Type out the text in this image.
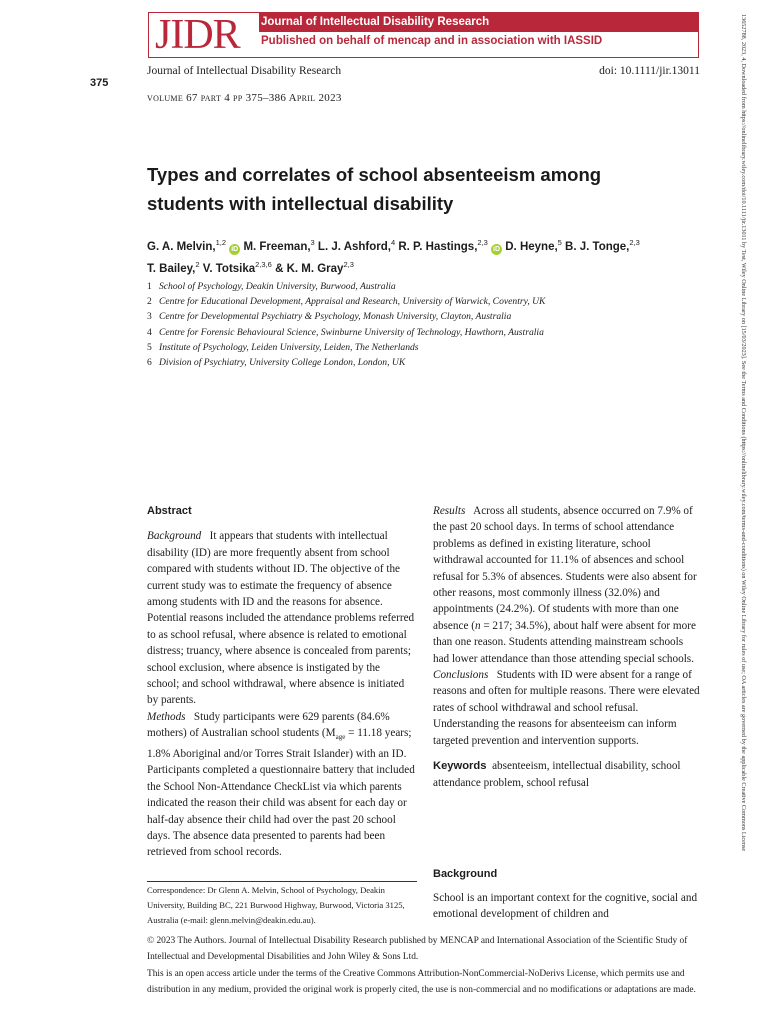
JIDR Journal of Intellectual Disability Research
Published on behalf of mencap and in association with IASSID
375
Journal of Intellectual Disability Research	doi: 10.1111/jir.13011
volume 67 part 4 pp 375–386 April 2023
Types and correlates of school absenteeism among students with intellectual disability
G. A. Melvin,$^{1,2}$ iD M. Freeman,$^3$ L. J. Ashford,$^4$ R. P. Hastings,$^{2,3}$ iD D. Heyne,$^5$ B. J. Tonge,$^{2,3}$
T. Bailey,$^2$ V. Totsika$^{2,3,6}$ & K. M. Gray$^{2,3}$
1 School of Psychology, Deakin University, Burwood, Australia
2 Centre for Educational Development, Appraisal and Research, University of Warwick, Coventry, UK
3 Centre for Developmental Psychiatry & Psychology, Monash University, Clayton, Australia
4 Centre for Forensic Behavioural Science, Swinburne University of Technology, Hawthorn, Australia
5 Institute of Psychology, Leiden University, Leiden, The Netherlands
6 Division of Psychiatry, University College London, London, UK
Abstract
Background It appears that students with intellectual disability (ID) are more frequently absent from school compared with students without ID. The objective of the current study was to estimate the frequency of absence among students with ID and the reasons for absence. Potential reasons included the attendance problems referred to as school refusal, where absence is related to emotional distress; truancy, where absence is concealed from parents; school exclusion, where absence is instigated by the school; and school withdrawal, where absence is initiated by parents.
Methods Study participants were 629 parents (84.6% mothers) of Australian school students ($M_{age} = 11.18$ years; 1.8% Aboriginal and/or Torres Strait Islander) with an ID. Participants completed a questionnaire battery that included the School Non-Attendance CheckList via which parents indicated the reason their child was absent for each day or half-day absence their child had over the past 20 school days. The absence data presented to parents had been retrieved from school records.
Results Across all students, absence occurred on 7.9% of the past 20 school days. In terms of school attendance problems as defined in existing literature, school withdrawal accounted for 11.1% of absences and school refusal for 5.3% of absences. Students were also absent for other reasons, most commonly illness (32.0%) and appointments (24.2%). Of students with more than one absence (n = 217; 34.5%), about half were absent for more than one reason. Students attending mainstream schools had lower attendance than those attending special schools.
Conclusions Students with ID were absent for a range of reasons and often for multiple reasons. There were elevated rates of school withdrawal and school refusal. Understanding the reasons for absenteeism can inform targeted prevention and intervention supports.
Keywords absenteeism, intellectual disability, school attendance problem, school refusal
Correspondence: Dr Glenn A. Melvin, School of Psychology, Deakin University, Building BC, 221 Burwood Highway, Burwood, Victoria 3125, Australia (e-mail: glenn.melvin@deakin.edu.au).
Background
School is an important context for the cognitive, social and emotional development of children and
© 2023 The Authors. Journal of Intellectual Disability Research published by MENCAP and International Association of the Scientific Study of Intellectual and Developmental Disabilities and John Wiley & Sons Ltd.
This is an open access article under the terms of the Creative Commons Attribution-NonCommercial-NoDerivs License, which permits use and distribution in any medium, provided the original work is properly cited, the use is non-commercial and no modifications or adaptations are made.
13652788, 2023, 4, Downloaded from https://onlinelibrary.wiley.com/doi/10.1111/jir.13011 by Test, Wiley Online Library on [15/03/2023]. See the Terms and Conditions (https://onlinelibrary.wiley.com/terms-and-conditions) on Wiley Online Library for rules of use; OA articles are governed by the applicable Creative Commons License
